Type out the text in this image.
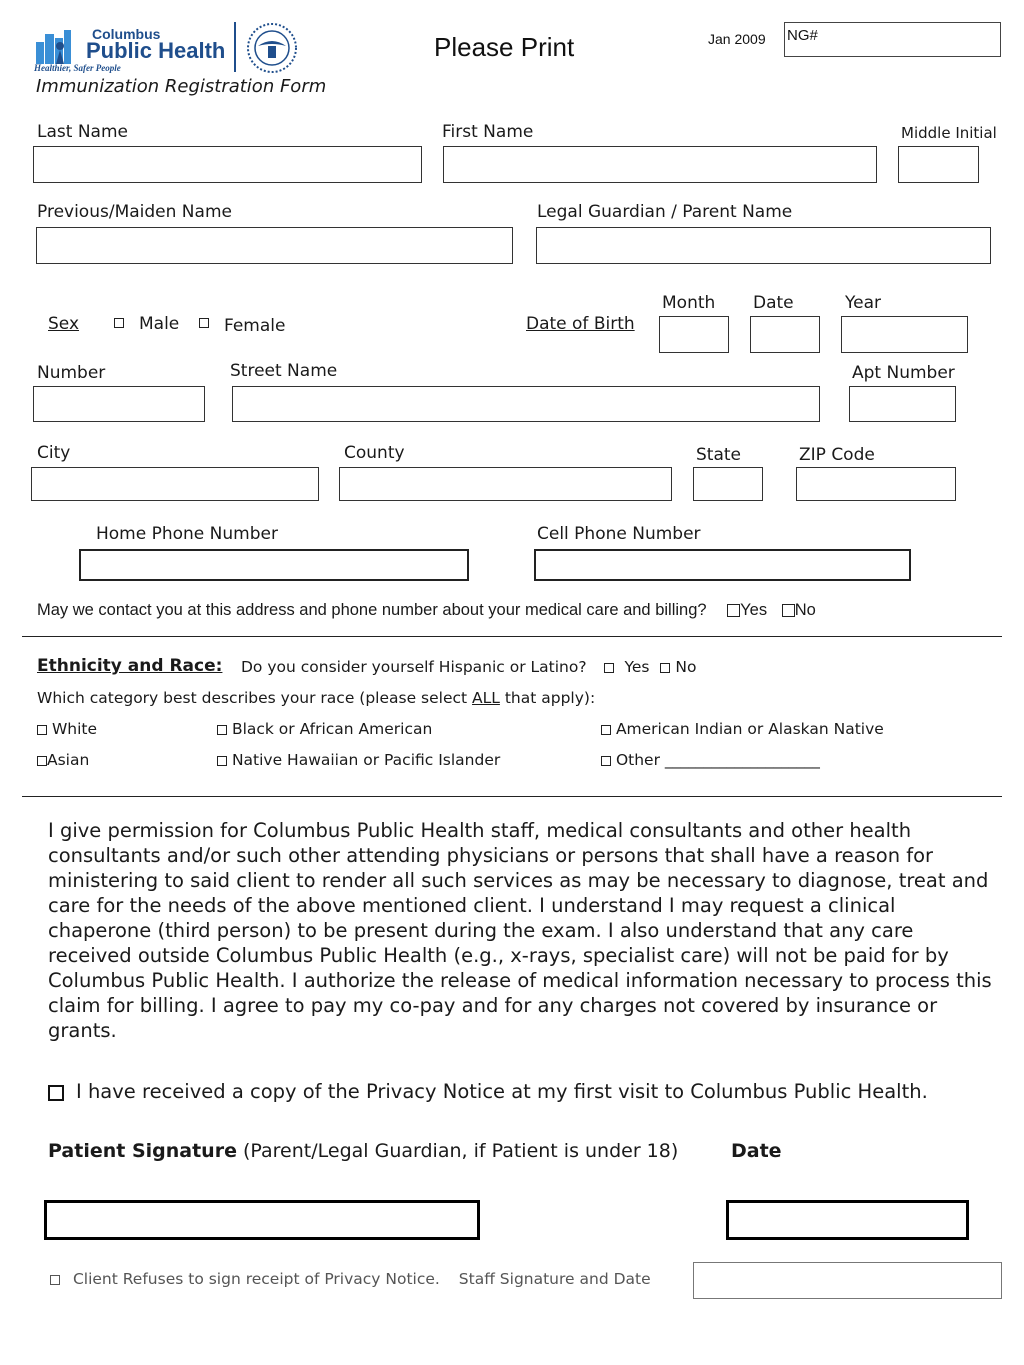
Columbus
Public Health
Healthier, Safer People
Immunization Registration Form
Please Print	Jan 2009 NG#
Last Name	First Name	Middle Initial
Previous/Maiden Name	Legal Guardian / Parent Name
Sex	Male	Female	Date of Birth
Month Date	Year
Number	Street Name	Apt Number
City	County	State	ZIP Code
Home Phone Number	Cell Phone Number
May we contact you at this address and phone number about your medical care and billing? Yes No
Ethnicity and Race: Do you consider yourself Hispanic or Latino? Yes No
Which category best describes your race (please select ALL that apply):
White	Black or African American	American Indian or Alaskan Native
Asian	Native Hawaiian or Pacific Islander	Other ____________________
I give permission for Columbus Public Health staff, medical consultants and other health consultants and/or such other attending physicians or persons that shall have a reason for ministering to said client to render all such services as may be necessary to diagnose, treat and care for the needs of the above mentioned client. I understand I may request a clinical chaperone (third person) to be present during the exam. I also understand that any care received outside Columbus Public Health (e.g., x-rays, specialist care) will not be paid for by Columbus Public Health. I authorize the release of medical information necessary to process this claim for billing. I agree to pay my co-pay and for any charges not covered by insurance or grants.
I have received a copy of the Privacy Notice at my first visit to Columbus Public Health.
Patient Signature (Parent/Legal Guardian, if Patient is under 18)	Date
Client Refuses to sign receipt of Privacy Notice. Staff Signature and Date
